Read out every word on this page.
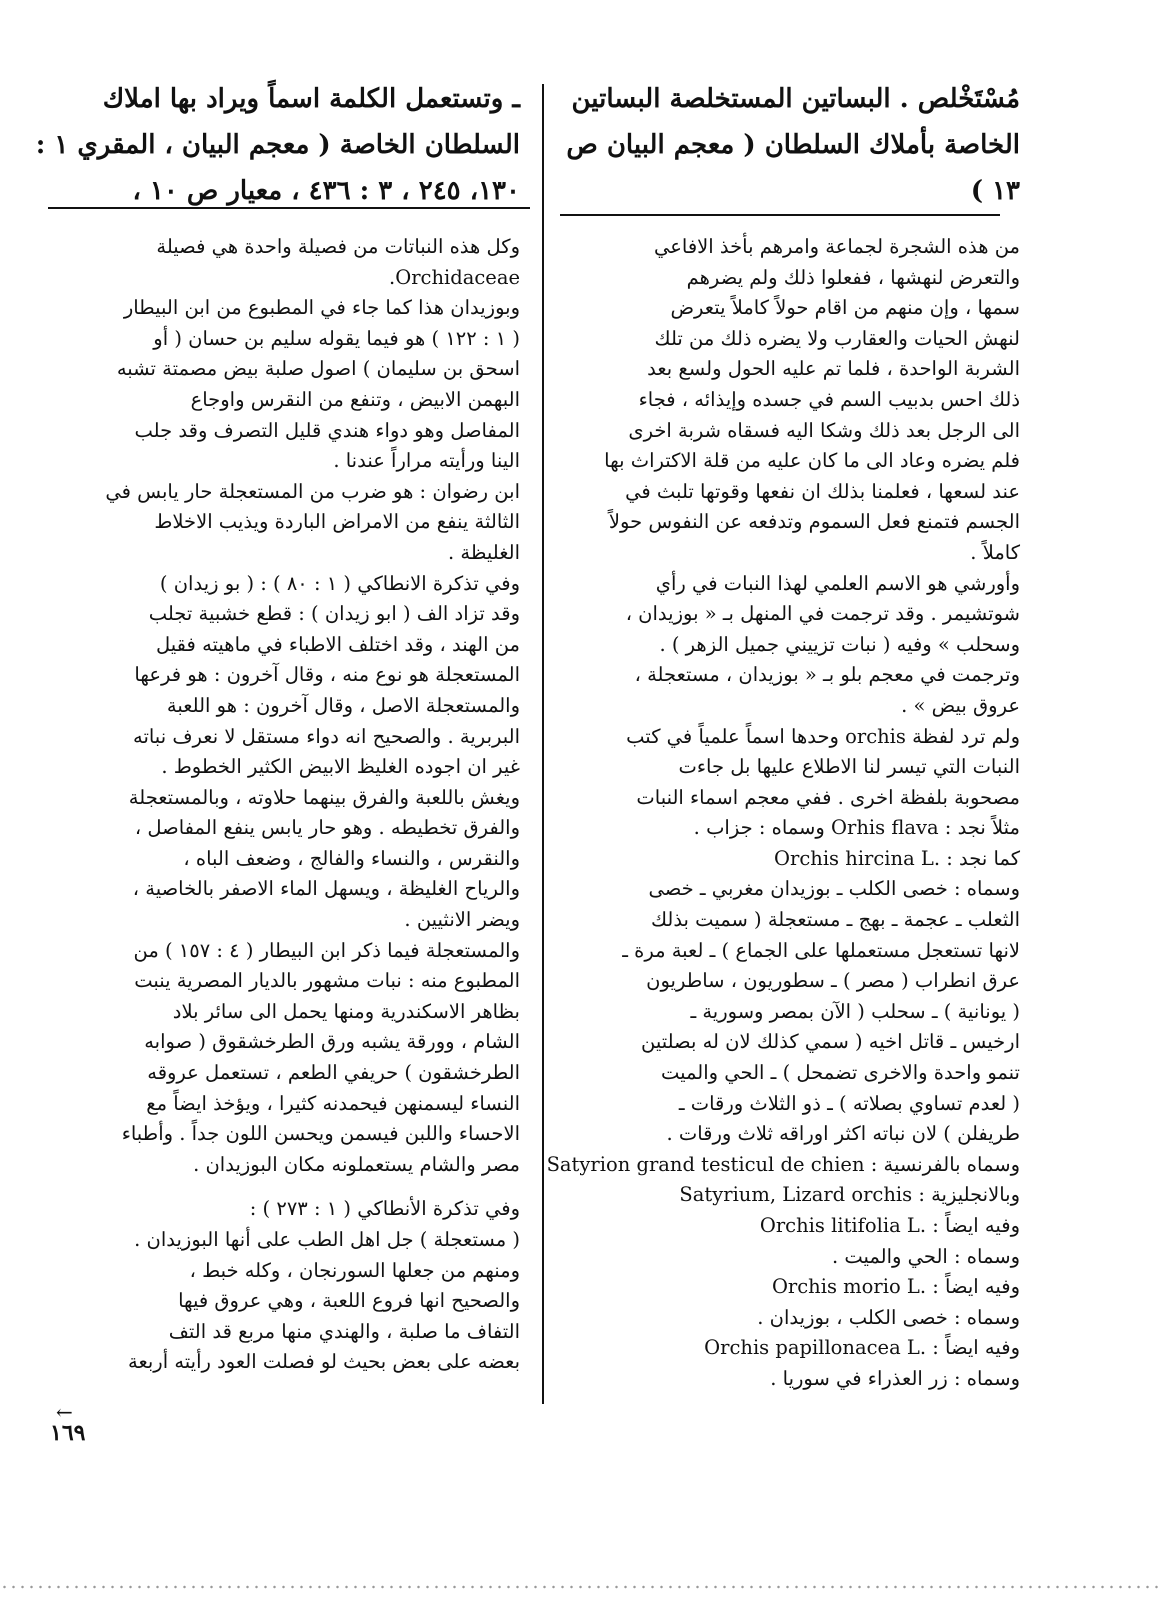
مُسْتَخْلص . البساتين المستخلصة البساتين
الخاصة بأملاك السلطان ( معجم البيان ص
١٣ )
ـ وتستعمل الكلمة اسماً ويراد بها املاك
السلطان الخاصة ( معجم البيان ، المقري ١ :
١٣٠، ٢٤٥ ، ٣ : ٤٣٦ ، معيار ص ١٠ ،
من هذه الشجرة لجماعة وامرهم بأخذ الافاعي
والتعرض لنهشها ، ففعلوا ذلك ولم يضرهم
سمها ، وإن منهم من اقام حولاً كاملاً يتعرض
لنهش الحيات والعقارب ولا يضره ذلك من تلك
الشربة الواحدة ، فلما تم عليه الحول ولسع بعد
ذلك احس بدبيب السم في جسده وإيذائه ، فجاء
الى الرجل بعد ذلك وشكا اليه فسقاه شربة اخرى
فلم يضره وعاد الى ما كان عليه من قلة الاكتراث بها
عند لسعها ، فعلمنا بذلك ان نفعها وقوتها تلبث في
الجسم فتمنع فعل السموم وتدفعه عن النفوس حولاً
كاملاً .
وأورشي هو الاسم العلمي لهذا النبات في رأي
شوتشيمر . وقد ترجمت في المنهل بـ « بوزيدان ،
وسحلب » وفيه ( نبات تزييني جميل الزهر ) .
وترجمت في معجم بلو بـ « بوزيدان ، مستعجلة ،
عروق بيض » .
ولم ترد لفظة orchis وحدها اسماً علمياً في كتب
النبات التي تيسر لنا الاطلاع عليها بل جاءت
مصحوبة بلفظة اخرى . ففي معجم اسماء النبات
مثلاً نجد : Orhis flava وسماه : جزاب .
كما نجد : .Orchis hircina L
وسماه : خصى الكلب ـ بوزيدان مغربي ـ خصى
الثعلب ـ عجمة ـ بهج ـ مستعجلة ( سميت بذلك
لانها تستعجل مستعملها على الجماع ) ـ لعبة مرة ـ
عرق انطراب ( مصر ) ـ سطوريون ، ساطريون
( يونانية ) ـ سحلب ( الآن بمصر وسورية ـ
ارخيس ـ قاتل اخيه ( سمي كذلك لان له بصلتين
تنمو واحدة والاخرى تضمحل ) ـ الحي والميت
( لعدم تساوي بصلاته ) ـ ذو الثلاث ورقات ـ
طريفلن ) لان نباته اكثر اوراقه ثلاث ورقات .
وسماه بالفرنسية : Satyrion grand testicul de chien
وبالانجليزية : Satyrium, Lizard orchis
وفيه ايضاً : .Orchis litifolia L
وسماه : الحي والميت .
وفيه ايضاً : .Orchis morio L
وسماه : خصى الكلب ، بوزيدان .
وفيه ايضاً : .Orchis papillonacea L
وسماه : زر العذراء في سوريا .
وكل هذه النباتات من فصيلة واحدة هي فصيلة
Orchidaceae.
وبوزيدان هذا كما جاء في المطبوع من ابن البيطار
( ١ : ١٢٢ ) هو فيما يقوله سليم بن حسان ( أو
اسحق بن سليمان ) اصول صلبة بيض مصمتة تشبه
البهمن الابيض ، وتنفع من النقرس واوجاع
المفاصل وهو دواء هندي قليل التصرف وقد جلب
الينا ورأيته مراراً عندنا .
ابن رضوان : هو ضرب من المستعجلة حار يابس في
الثالثة ينفع من الامراض الباردة ويذيب الاخلاط
الغليظة .
وفي تذكرة الانطاكي ( ١ : ٨٠ ) : ( بو زيدان )
وقد تزاد الف ( ابو زيدان ) : قطع خشبية تجلب
من الهند ، وقد اختلف الاطباء في ماهيته فقيل
المستعجلة هو نوع منه ، وقال آخرون : هو فرعها
والمستعجلة الاصل ، وقال آخرون : هو اللعبة
البربرية . والصحيح انه دواء مستقل لا نعرف نباته
غير ان اجوده الغليظ الابيض الكثير الخطوط .
ويغش باللعبة والفرق بينهما حلاوته ، وبالمستعجلة
والفرق تخطيطه . وهو حار يابس ينفع المفاصل ،
والنقرس ، والنساء والفالج ، وضعف الباه ،
والرياح الغليظة ، ويسهل الماء الاصفر بالخاصية ،
ويضر الانثيين .
والمستعجلة فيما ذكر ابن البيطار ( ٤ : ١٥٧ ) من
المطبوع منه : نبات مشهور بالديار المصرية ينبت
بظاهر الاسكندرية ومنها يحمل الى سائر بلاد
الشام ، وورقة يشبه ورق الطرخشقوق ( صوابه
الطرخشقون ) حريفي الطعم ، تستعمل عروقه
النساء ليسمنهن فيحمدنه كثيرا ، ويؤخذ ايضاً مع
الاحساء واللبن فيسمن ويحسن اللون جداً . وأطباء
مصر والشام يستعملونه مكان البوزيدان .
وفي تذكرة الأنطاكي ( ١ : ٢٧٣ ) :
( مستعجلة ) جل اهل الطب على أنها البوزيدان .
ومنهم من جعلها السورنجان ، وكله خبط ،
والصحيح انها فروع اللعبة ، وهي عروق فيها
التفاف ما صلبة ، والهندي منها مربع قد التف
بعضه على بعض بحيث لو فصلت العود رأيته أربعة
←
١٦٩
